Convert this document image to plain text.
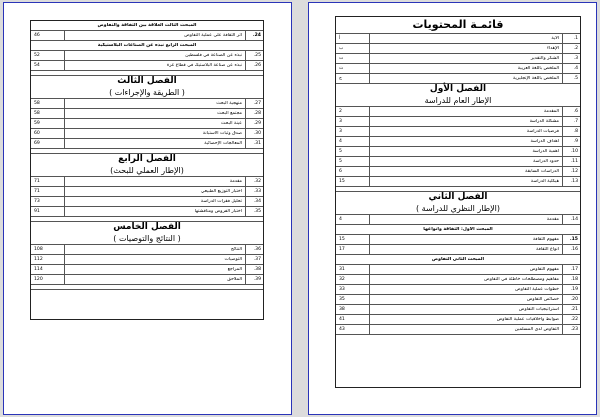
المبحث الثالث العلاقة بين الثقافة والتفاوض
24.
أثر الثقافة على عملية التفاوض
46
المبحث الرابع نبذه عن الصناعات البلاستيكية
25.
نبذه عن الصناعة في فلسطين
52
26.
نبذه عن صناعة البلاستيك في قطاع غزة
54
الفصل الثالث
( الطريقة والإجراءات )
27.
منهجية البحث
58
28.
مجتمع البحث
58
29.
عينة البحث
59
30.
صدق وثبات الاستبانة
60
31.
المعالجات الإحصائية
69
الفصل الرابع
(الإطار العملي للبحث)
32.
مقدمة
71
33.
اختبار التوزيع الطبيعي
71
34.
تحليل فقرات الدراسة
73
35.
اختبار الفروض ومناقشتها
91
الفصل الخامس
( النتائج والتوصيات )
36.
النتائج
108
37.
التوصيات
112
38.
المراجع
114
39.
الملاحق
120
قائمـة المحتويات
1.
الآية
أ
2.
الإهداء
ب
3.
الشكر والتقدير
ت
4.
الملخص باللغة العربية
ث
5.
الملخص باللغة الإنجليزية
ج
الفصل الأول
الإطار العام للدراسة
6.
المقدمة
2
7.
مشكلة الدراسة
3
8.
فرضيات الدراسة
3
9.
أهداف الدراسة
4
10.
أهمية الدراسة
5
11.
حدود الدراسة
5
12.
الدراسات السابقة
6
13.
هيكلية الدراسة
15
الفصل الثاني
(الإطار النظري للدراسة )
14.
مقدمة
4
المبحث الأول: الثقافة وأنواعها
15.
مفهوم الثقافة
15
16.
أنواع الثقافة
17
المبحث الثاني التفاوض
17.
مفهوم التفاوض
31
18.
مفاهيم ومصطلحات خاطئة في التفاوض
32
19.
خطوات عملية التفاوض
33
20.
خصائص التفاوض
35
21.
استراتيجيات التفاوض
38
22.
ضوابط وأخلاقيات عملية التفاوض
41
23.
التفاوض لدى المسلمين
43
